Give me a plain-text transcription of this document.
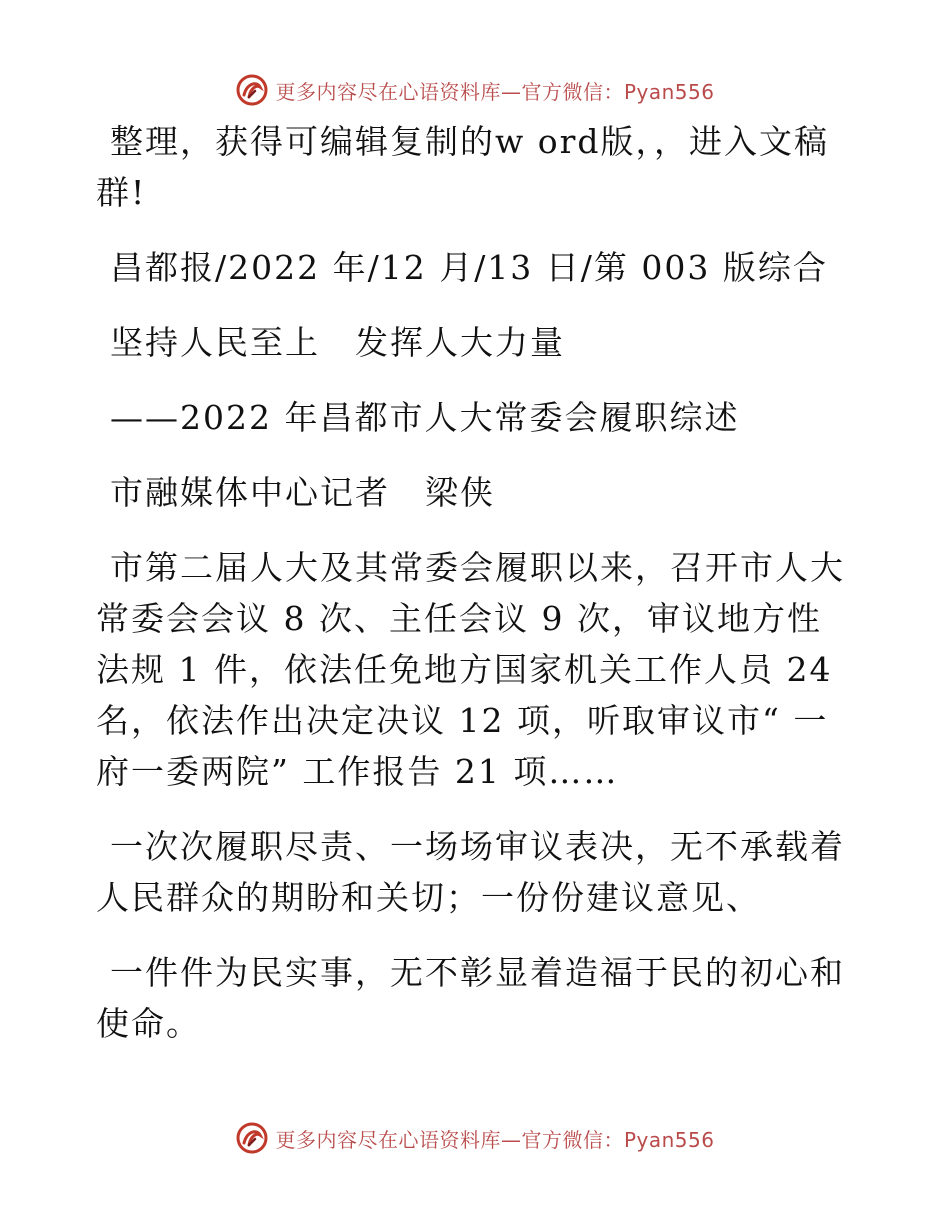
更多内容尽在心语资料库—官方微信：Pyan556

整理，获得可编辑复制的w ord版，，进入文稿群!

昌都报/2022 年/12 月/13 日/第 003 版综合

坚持人民至上　发挥人大力量

——2022 年昌都市人大常委会履职综述

市融媒体中心记者　梁侠

市第二届人大及其常委会履职以来，召开市人大常委会会议 8 次、主任会议 9 次，审议地方性法规 1 件，依法任免地方国家机关工作人员 24 名，依法作出决定决议 12 项，听取审议市“ 一府一委两院” 工作报告 21 项……

一次次履职尽责、一场场审议表决，无不承载着人民群众的期盼和关切；一份份建议意见、

一件件为民实事，无不彰显着造福于民的初心和使命。

更多内容尽在心语资料库—官方微信：Pyan556
